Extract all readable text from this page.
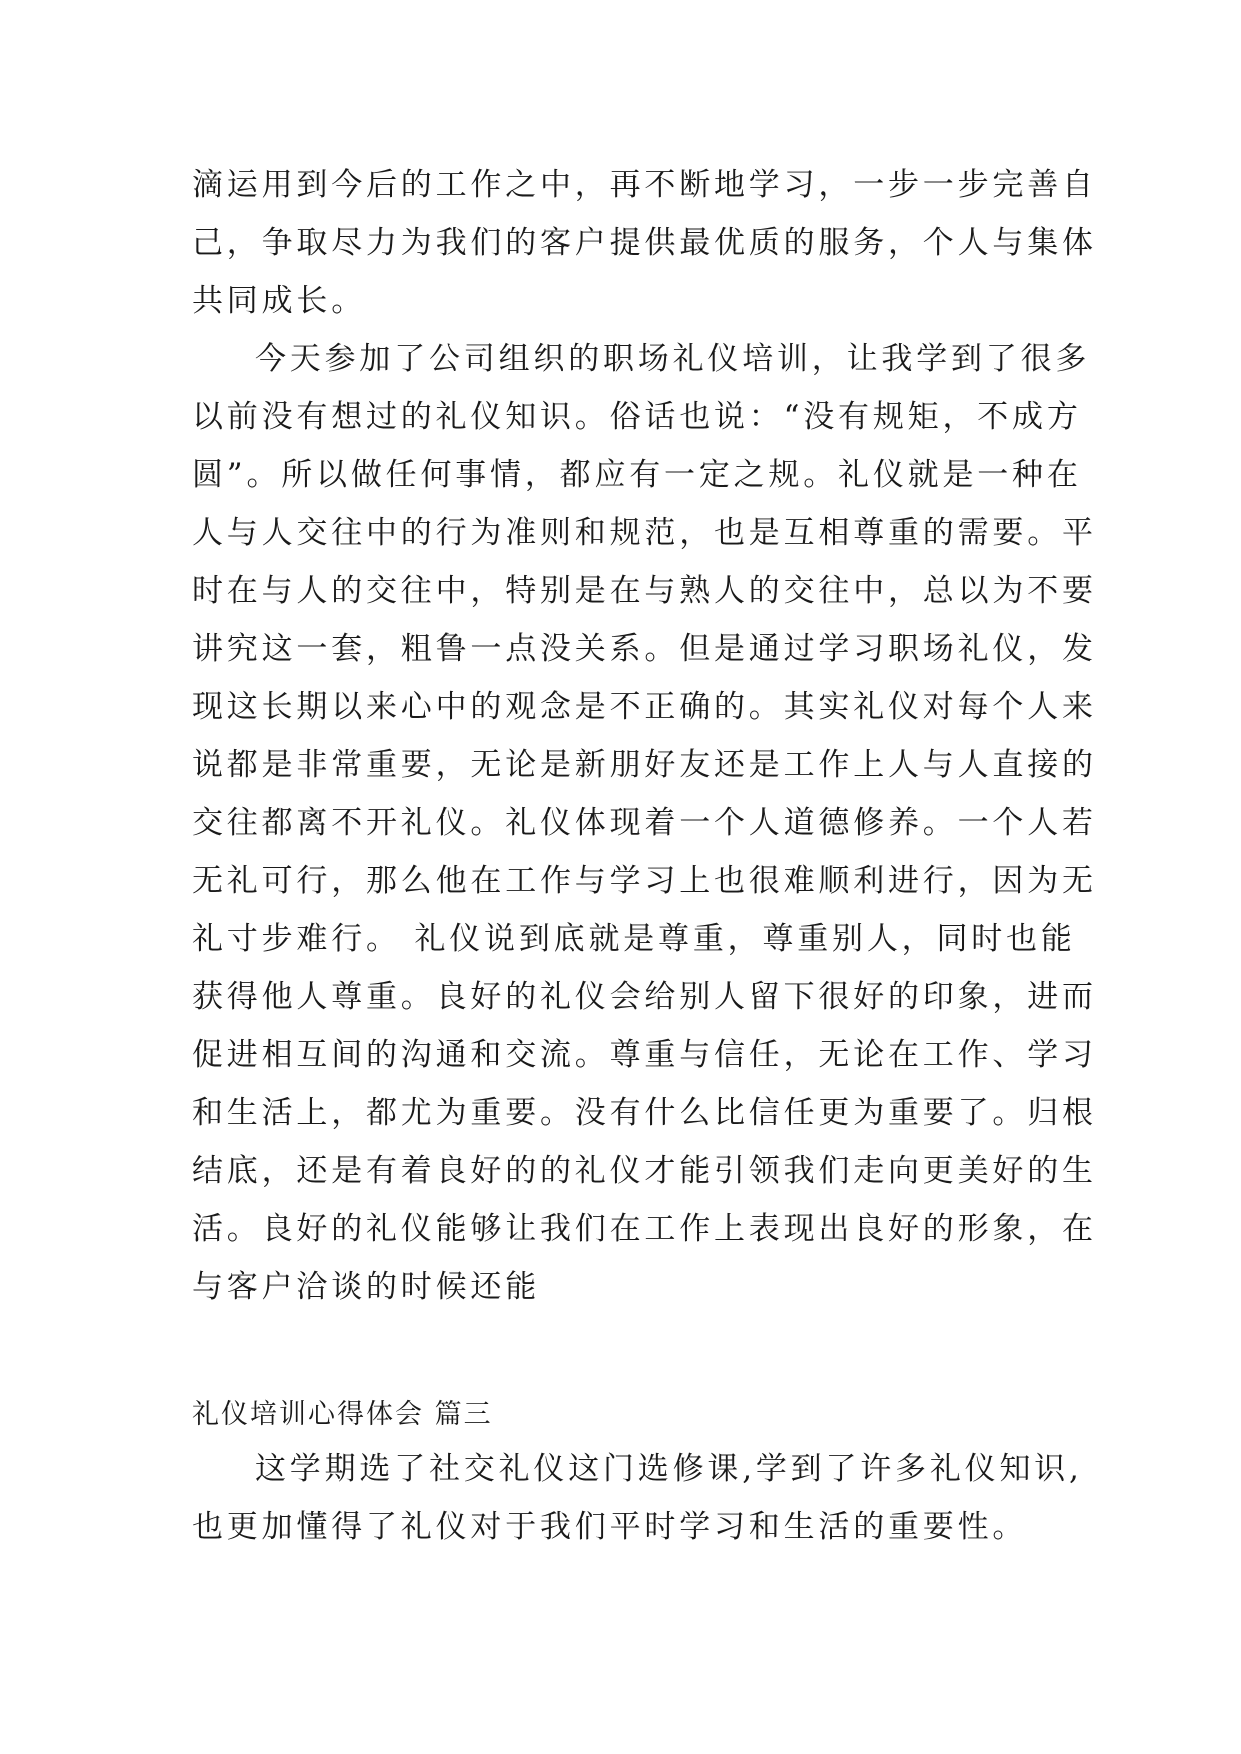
滴运用到今后的工作之中，再不断地学习，一步一步完善自
己，争取尽力为我们的客户提供最优质的服务，个人与集体
共同成长。
今天参加了公司组织的职场礼仪培训，让我学到了很多
以前没有想过的礼仪知识。俗话也说：“没有规矩，不成方
圆”。所以做任何事情，都应有一定之规。礼仪就是一种在
人与人交往中的行为准则和规范，也是互相尊重的需要。平
时在与人的交往中，特别是在与熟人的交往中，总以为不要
讲究这一套，粗鲁一点没关系。但是通过学习职场礼仪，发
现这长期以来心中的观念是不正确的。其实礼仪对每个人来
说都是非常重要，无论是新朋好友还是工作上人与人直接的
交往都离不开礼仪。礼仪体现着一个人道德修养。一个人若
无礼可行，那么他在工作与学习上也很难顺利进行，因为无
礼寸步难行。 礼仪说到底就是尊重，尊重别人，同时也能
获得他人尊重。良好的礼仪会给别人留下很好的印象，进而
促进相互间的沟通和交流。尊重与信任，无论在工作、学习
和生活上，都尤为重要。没有什么比信任更为重要了。归根
结底，还是有着良好的的礼仪才能引领我们走向更美好的生
活。良好的礼仪能够让我们在工作上表现出良好的形象，在
与客户洽谈的时候还能
礼仪培训心得体会 篇三
这学期选了社交礼仪这门选修课,学到了许多礼仪知识,
也更加懂得了礼仪对于我们平时学习和生活的重要性。
